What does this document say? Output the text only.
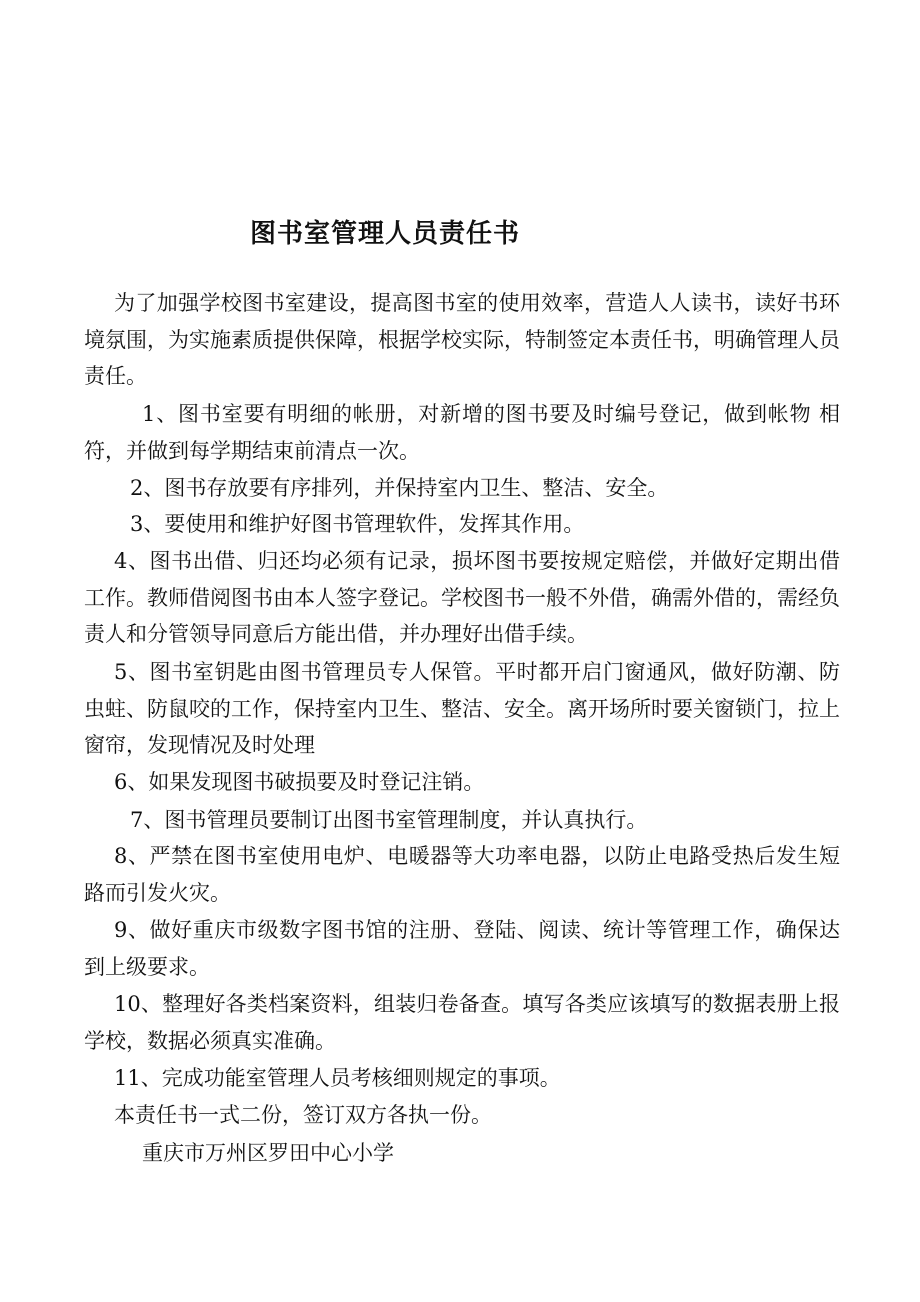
图书室管理人员责任书

为了加强学校图书室建设，提高图书室的使用效率，营造人人读书，读好书环境氛围，为实施素质提供保障，根据学校实际，特制签定本责任书，明确管理人员责任。

1、图书室要有明细的帐册，对新增的图书要及时编号登记，做到帐物 相符，并做到每学期结束前清点一次。

2、图书存放要有序排列，并保持室内卫生、整洁、安全。

3、要使用和维护好图书管理软件，发挥其作用。

4、图书出借、归还均必须有记录，损坏图书要按规定赔偿，并做好定期出借工作。教师借阅图书由本人签字登记。学校图书一般不外借，确需外借的，需经负责人和分管领导同意后方能出借，并办理好出借手续。

5、图书室钥匙由图书管理员专人保管。平时都开启门窗通风，做好防潮、防虫蛀、防鼠咬的工作，保持室内卫生、整洁、安全。离开场所时要关窗锁门，拉上窗帘，发现情况及时处理

6、如果发现图书破损要及时登记注销。

7、图书管理员要制订出图书室管理制度，并认真执行。

8、严禁在图书室使用电炉、电暖器等大功率电器，以防止电路受热后发生短路而引发火灾。

9、做好重庆市级数字图书馆的注册、登陆、阅读、统计等管理工作，确保达到上级要求。

10、整理好各类档案资料，组装归卷备查。填写各类应该填写的数据表册上报学校，数据必须真实准确。

11、完成功能室管理人员考核细则规定的事项。

本责任书一式二份，签订双方各执一份。

重庆市万州区罗田中心小学
